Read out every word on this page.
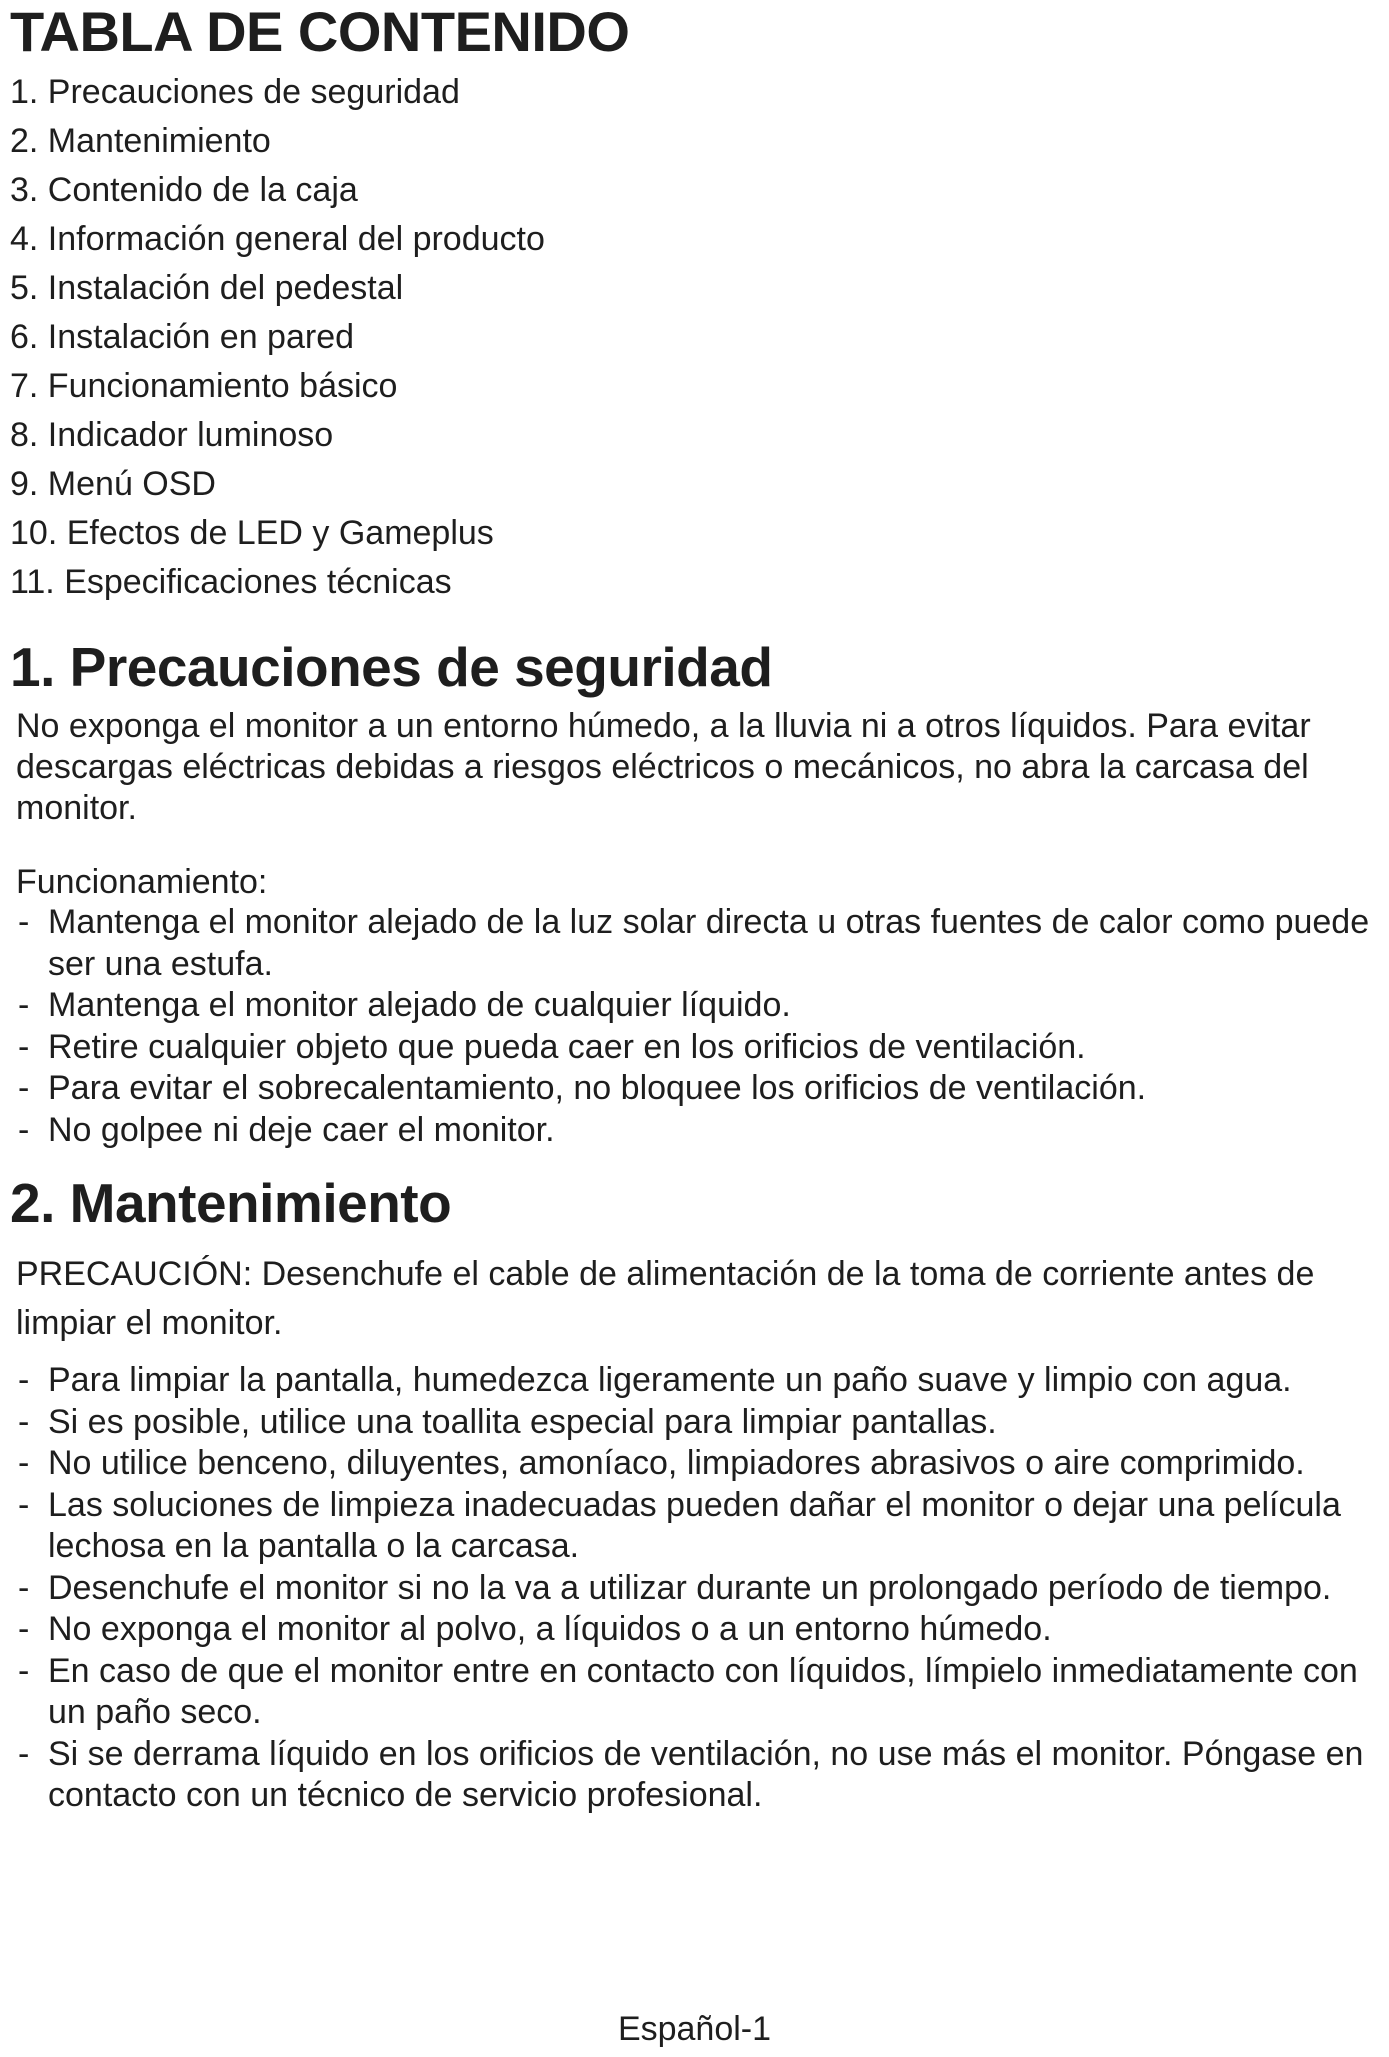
TABLA DE CONTENIDO
1. Precauciones de seguridad
2. Mantenimiento
3. Contenido de la caja
4. Información general del producto
5. Instalación del pedestal
6. Instalación en pared
7. Funcionamiento básico
8. Indicador luminoso
9. Menú OSD
10. Efectos de LED y Gameplus
11. Especificaciones técnicas
1. Precauciones de seguridad

No exponga el monitor a un entorno húmedo, a la lluvia ni a otros líquidos. Para evitar descargas eléctricas debidas a riesgos eléctricos o mecánicos, no abra la carcasa del monitor.

Funcionamiento:

- Mantenga el monitor alejado de la luz solar directa u otras fuentes de calor como puede ser una estufa.
- Mantenga el monitor alejado de cualquier líquido.
- Retire cualquier objeto que pueda caer en los orificios de ventilación.
- Para evitar el sobrecalentamiento, no bloquee los orificios de ventilación.
- No golpee ni deje caer el monitor.
2. Mantenimiento

PRECAUCIÓN: Desenchufe el cable de alimentación de la toma de corriente antes de limpiar el monitor.

- Para limpiar la pantalla, humedezca ligeramente un paño suave y limpio con agua.
- Si es posible, utilice una toallita especial para limpiar pantallas.
- No utilice benceno, diluyentes, amoníaco, limpiadores abrasivos o aire comprimido.
- Las soluciones de limpieza inadecuadas pueden dañar el monitor o dejar una película lechosa en la pantalla o la carcasa.
- Desenchufe el monitor si no la va a utilizar durante un prolongado período de tiempo.
- No exponga el monitor al polvo, a líquidos o a un entorno húmedo.
- En caso de que el monitor entre en contacto con líquidos, límpielo inmediatamente con un paño seco.
- Si se derrama líquido en los orificios de ventilación, no use más el monitor. Póngase en contacto con un técnico de servicio profesional.
Español-1
